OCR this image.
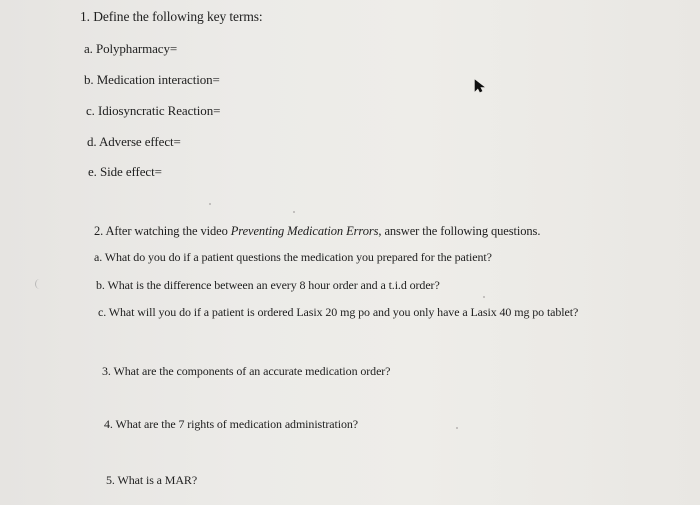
1. Define the following key terms:
a. Polypharmacy=
b. Medication interaction=
c. Idiosyncratic Reaction=
d. Adverse effect=
e. Side effect=
2. After watching the video Preventing Medication Errors, answer the following questions.
a. What do you do if a patient questions the medication you prepared for the patient?
b. What is the difference between an every 8 hour order and a t.i.d order?
c. What will you do if a patient is ordered Lasix 20 mg po and you only have a Lasix 40 mg po tablet?
3. What are the components of an accurate medication order?
4. What are the 7 rights of medication administration?
5. What is a MAR?
